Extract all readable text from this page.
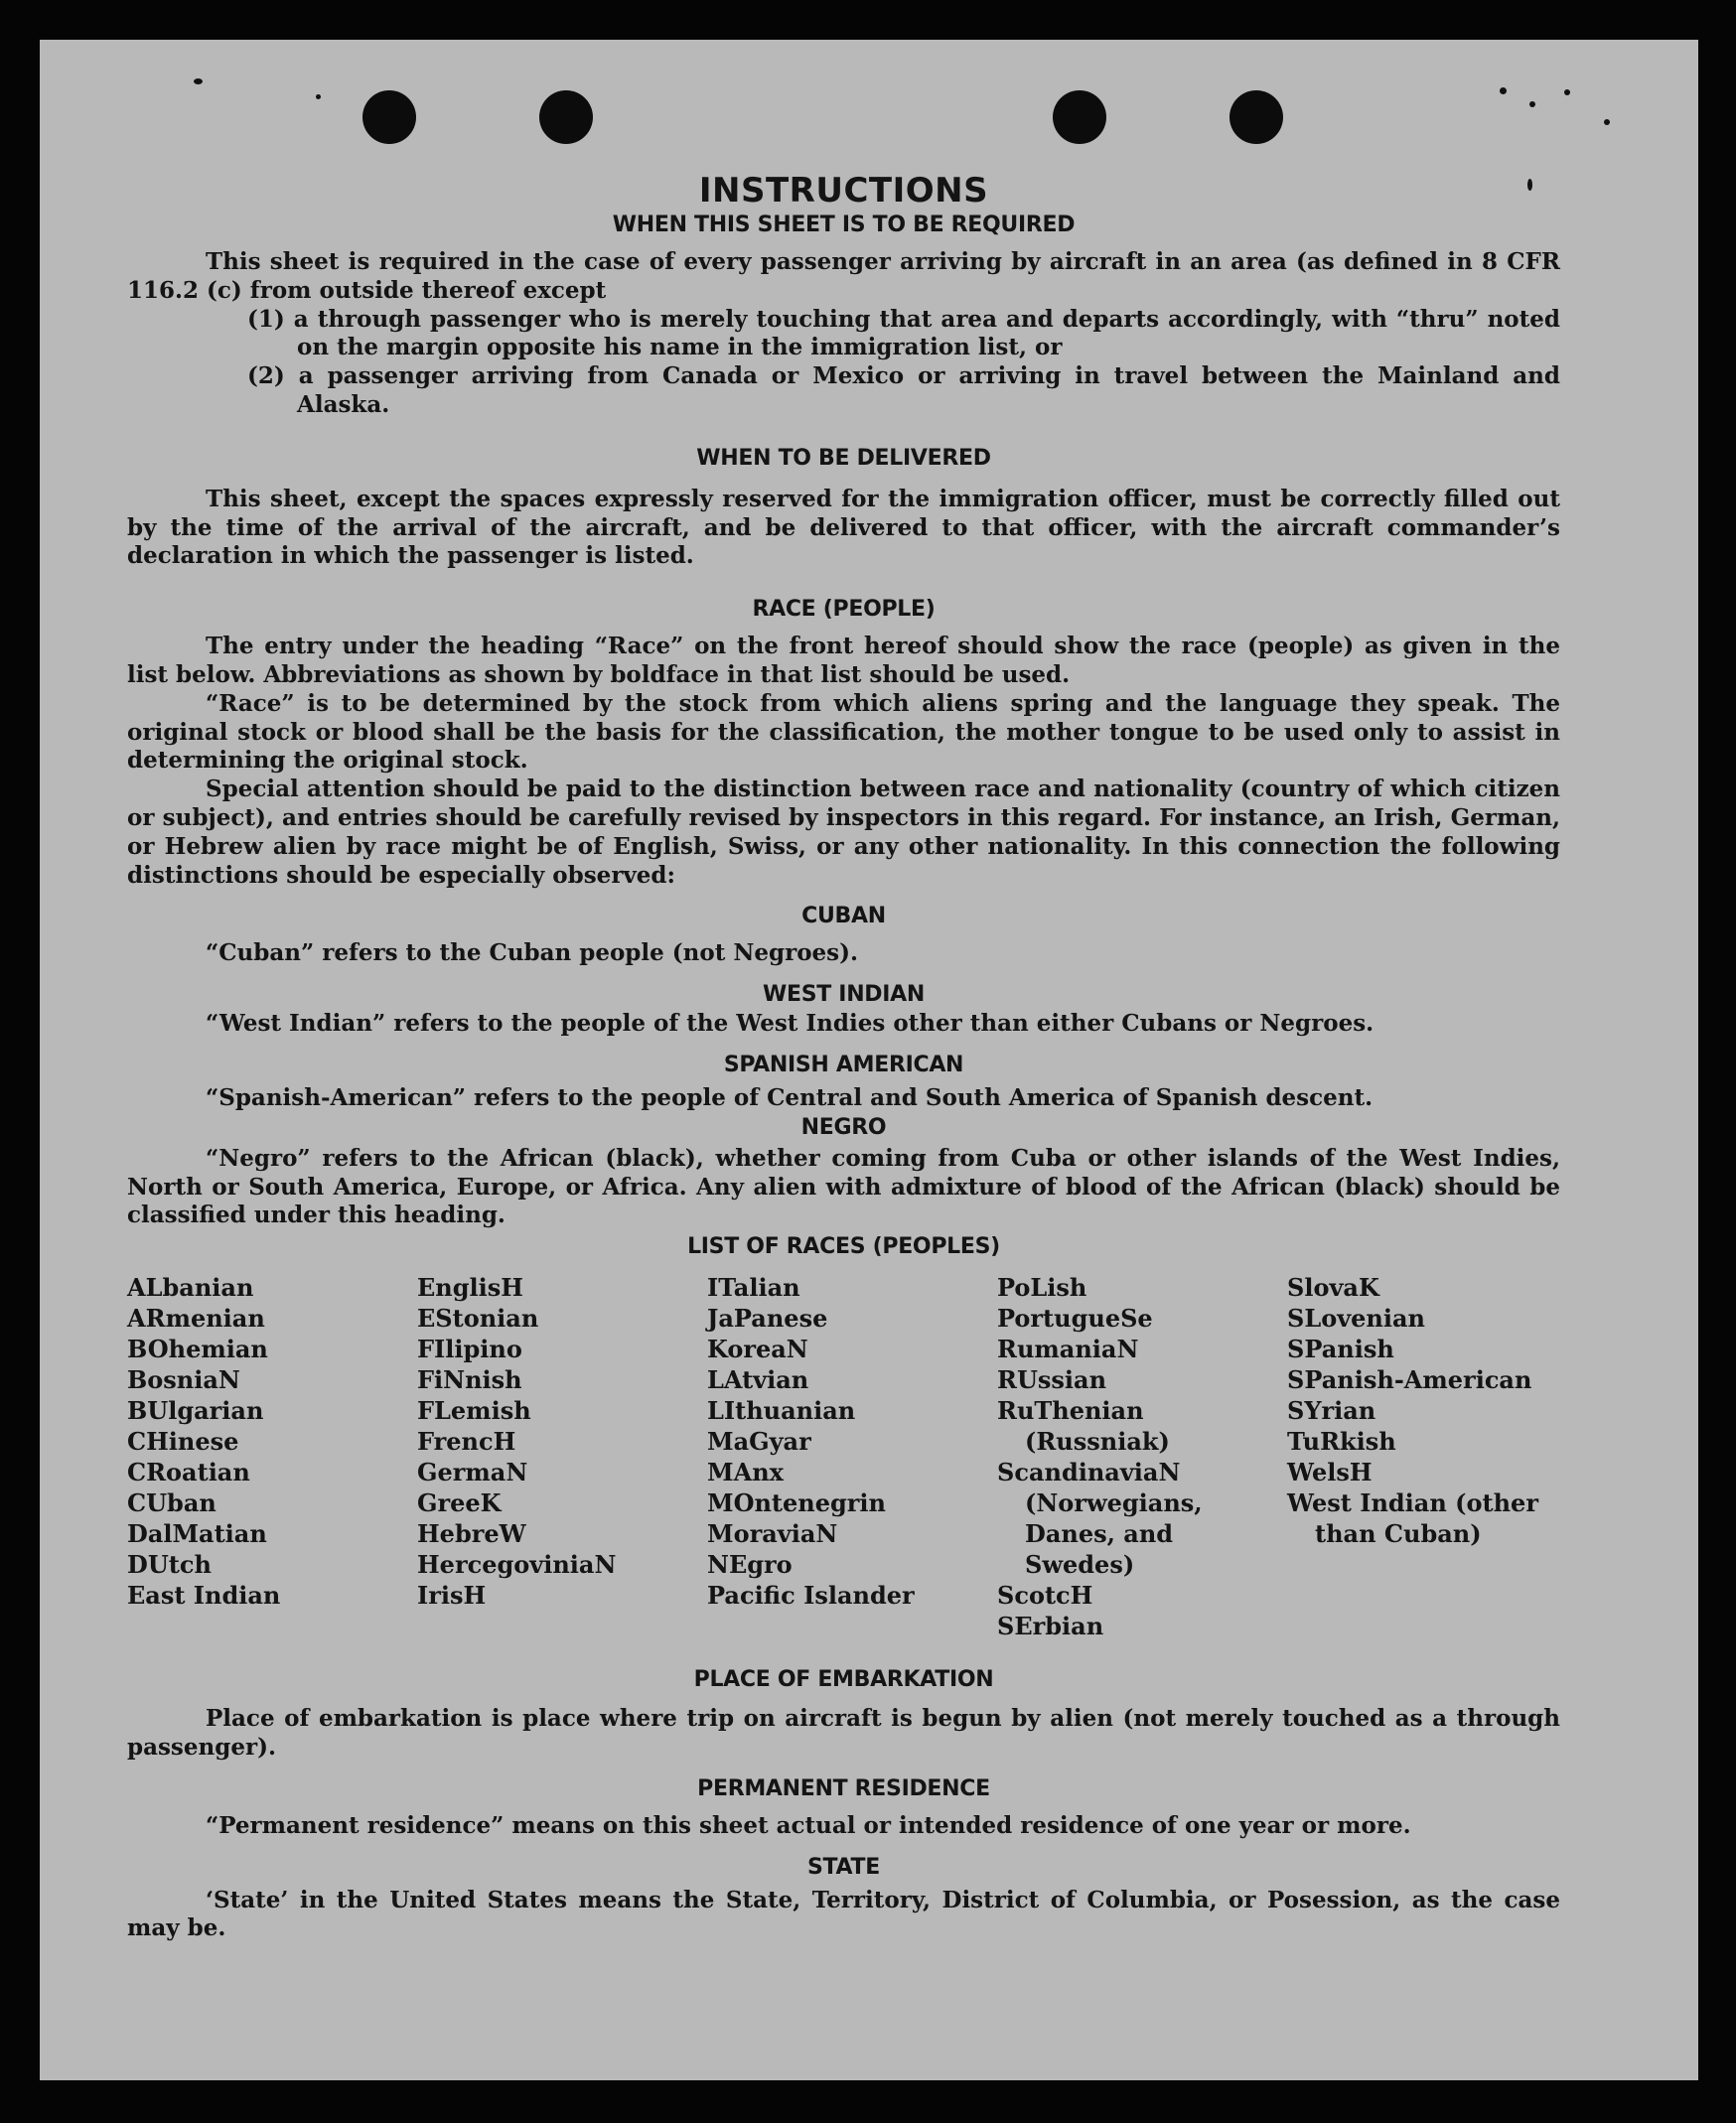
INSTRUCTIONS
WHEN THIS SHEET IS TO BE REQUIRED

This sheet is required in the case of every passenger arriving by aircraft in an area (as defined in 8 CFR 116.2 (c) from outside thereof except

(1) a through passenger who is merely touching that area and departs accordingly, with “thru” noted on the margin opposite his name in the immigration list, or

(2) a passenger arriving from Canada or Mexico or arriving in travel between the Mainland and Alaska.

WHEN TO BE DELIVERED

This sheet, except the spaces expressly reserved for the immigration officer, must be correctly filled out by the time of the arrival of the aircraft, and be delivered to that officer, with the aircraft commander’s declaration in which the passenger is listed.

RACE (PEOPLE)

The entry under the heading “Race” on the front hereof should show the race (people) as given in the list below. Abbreviations as shown by boldface in that list should be used.

“Race” is to be determined by the stock from which aliens spring and the language they speak. The original stock or blood shall be the basis for the classification, the mother tongue to be used only to assist in determining the original stock.

Special attention should be paid to the distinction between race and nationality (country of which citizen or subject), and entries should be carefully revised by inspectors in this regard. For instance, an Irish, German, or Hebrew alien by race might be of English, Swiss, or any other nationality. In this connection the following distinctions should be especially observed:

CUBAN

“Cuban” refers to the Cuban people (not Negroes).

WEST INDIAN

“West Indian” refers to the people of the West Indies other than either Cubans or Negroes.

SPANISH AMERICAN

“Spanish-American” refers to the people of Central and South America of Spanish descent.

NEGRO

“Negro” refers to the African (black), whether coming from Cuba or other islands of the West Indies, North or South America, Europe, or Africa. Any alien with admixture of blood of the African (black) should be classified under this heading.

LIST OF RACES (PEOPLES)
ALbanian
ARmenian
BOhemian
BosniaN
BUlgarian
CHinese
CRoatian
CUban
DalMatian
DUtch
East Indian
EnglisH
EStonian
FIlipino
FiNnish
FLemish
FrencH
GermaN
GreeK
HebreW
HercegoviniaN
IrisH
ITalian
JaPanese
KoreaN
LAtvian
LIthuanian
MaGyar
MAnx
MOntenegrin
MoraviaN
NEgro
Pacific Islander
PoLish
PortugueSe
RumaniaN
RUssian
RuThenian (Russniak)
ScandinaviaN (Norwegians, Danes, and Swedes)
ScotcH
SErbian
SlovaK
SLovenian
SPanish
SPanish-American
SYrian
TuRkish
WelsH
West Indian (other than Cuban)
PLACE OF EMBARKATION

Place of embarkation is place where trip on aircraft is begun by alien (not merely touched as a through passenger).

PERMANENT RESIDENCE

“Permanent residence” means on this sheet actual or intended residence of one year or more.

STATE

‘State’ in the United States means the State, Territory, District of Columbia, or Posession, as the case may be.
